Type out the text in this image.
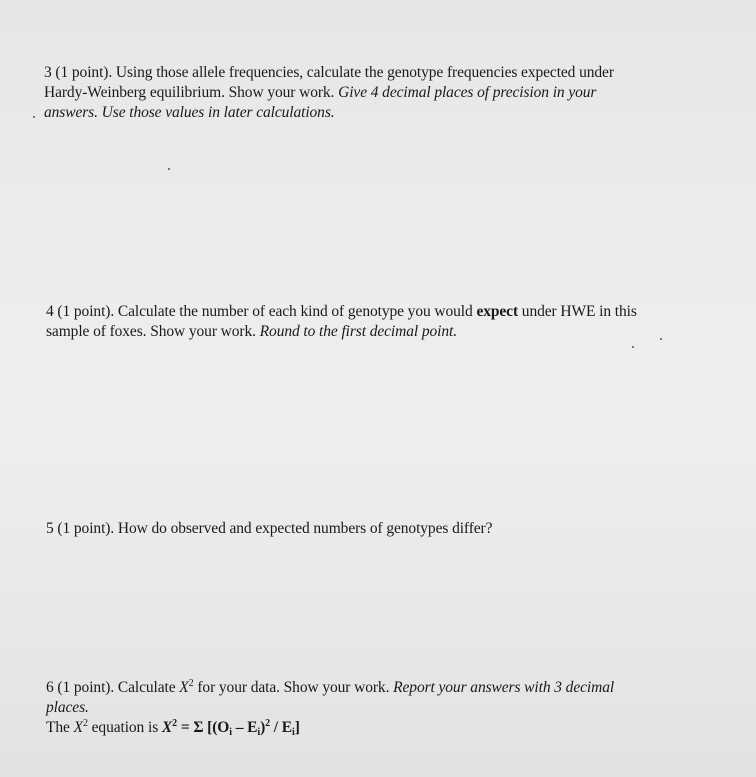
3 (1 point). Using those allele frequencies, calculate the genotype frequencies expected under
Hardy-Weinberg equilibrium. Show your work. Give 4 decimal places of precision in your
answers. Use those values in later calculations.
4 (1 point). Calculate the number of each kind of genotype you would expect under HWE in this
sample of foxes. Show your work. Round to the first decimal point.
5 (1 point). How do observed and expected numbers of genotypes differ?
6 (1 point). Calculate $X^2$ for your data. Show your work. Report your answers with 3 decimal
places.
The $X^2$ equation is $X^2 = \Sigma$ $[(O_i - E_i)^2 / E_i]$
